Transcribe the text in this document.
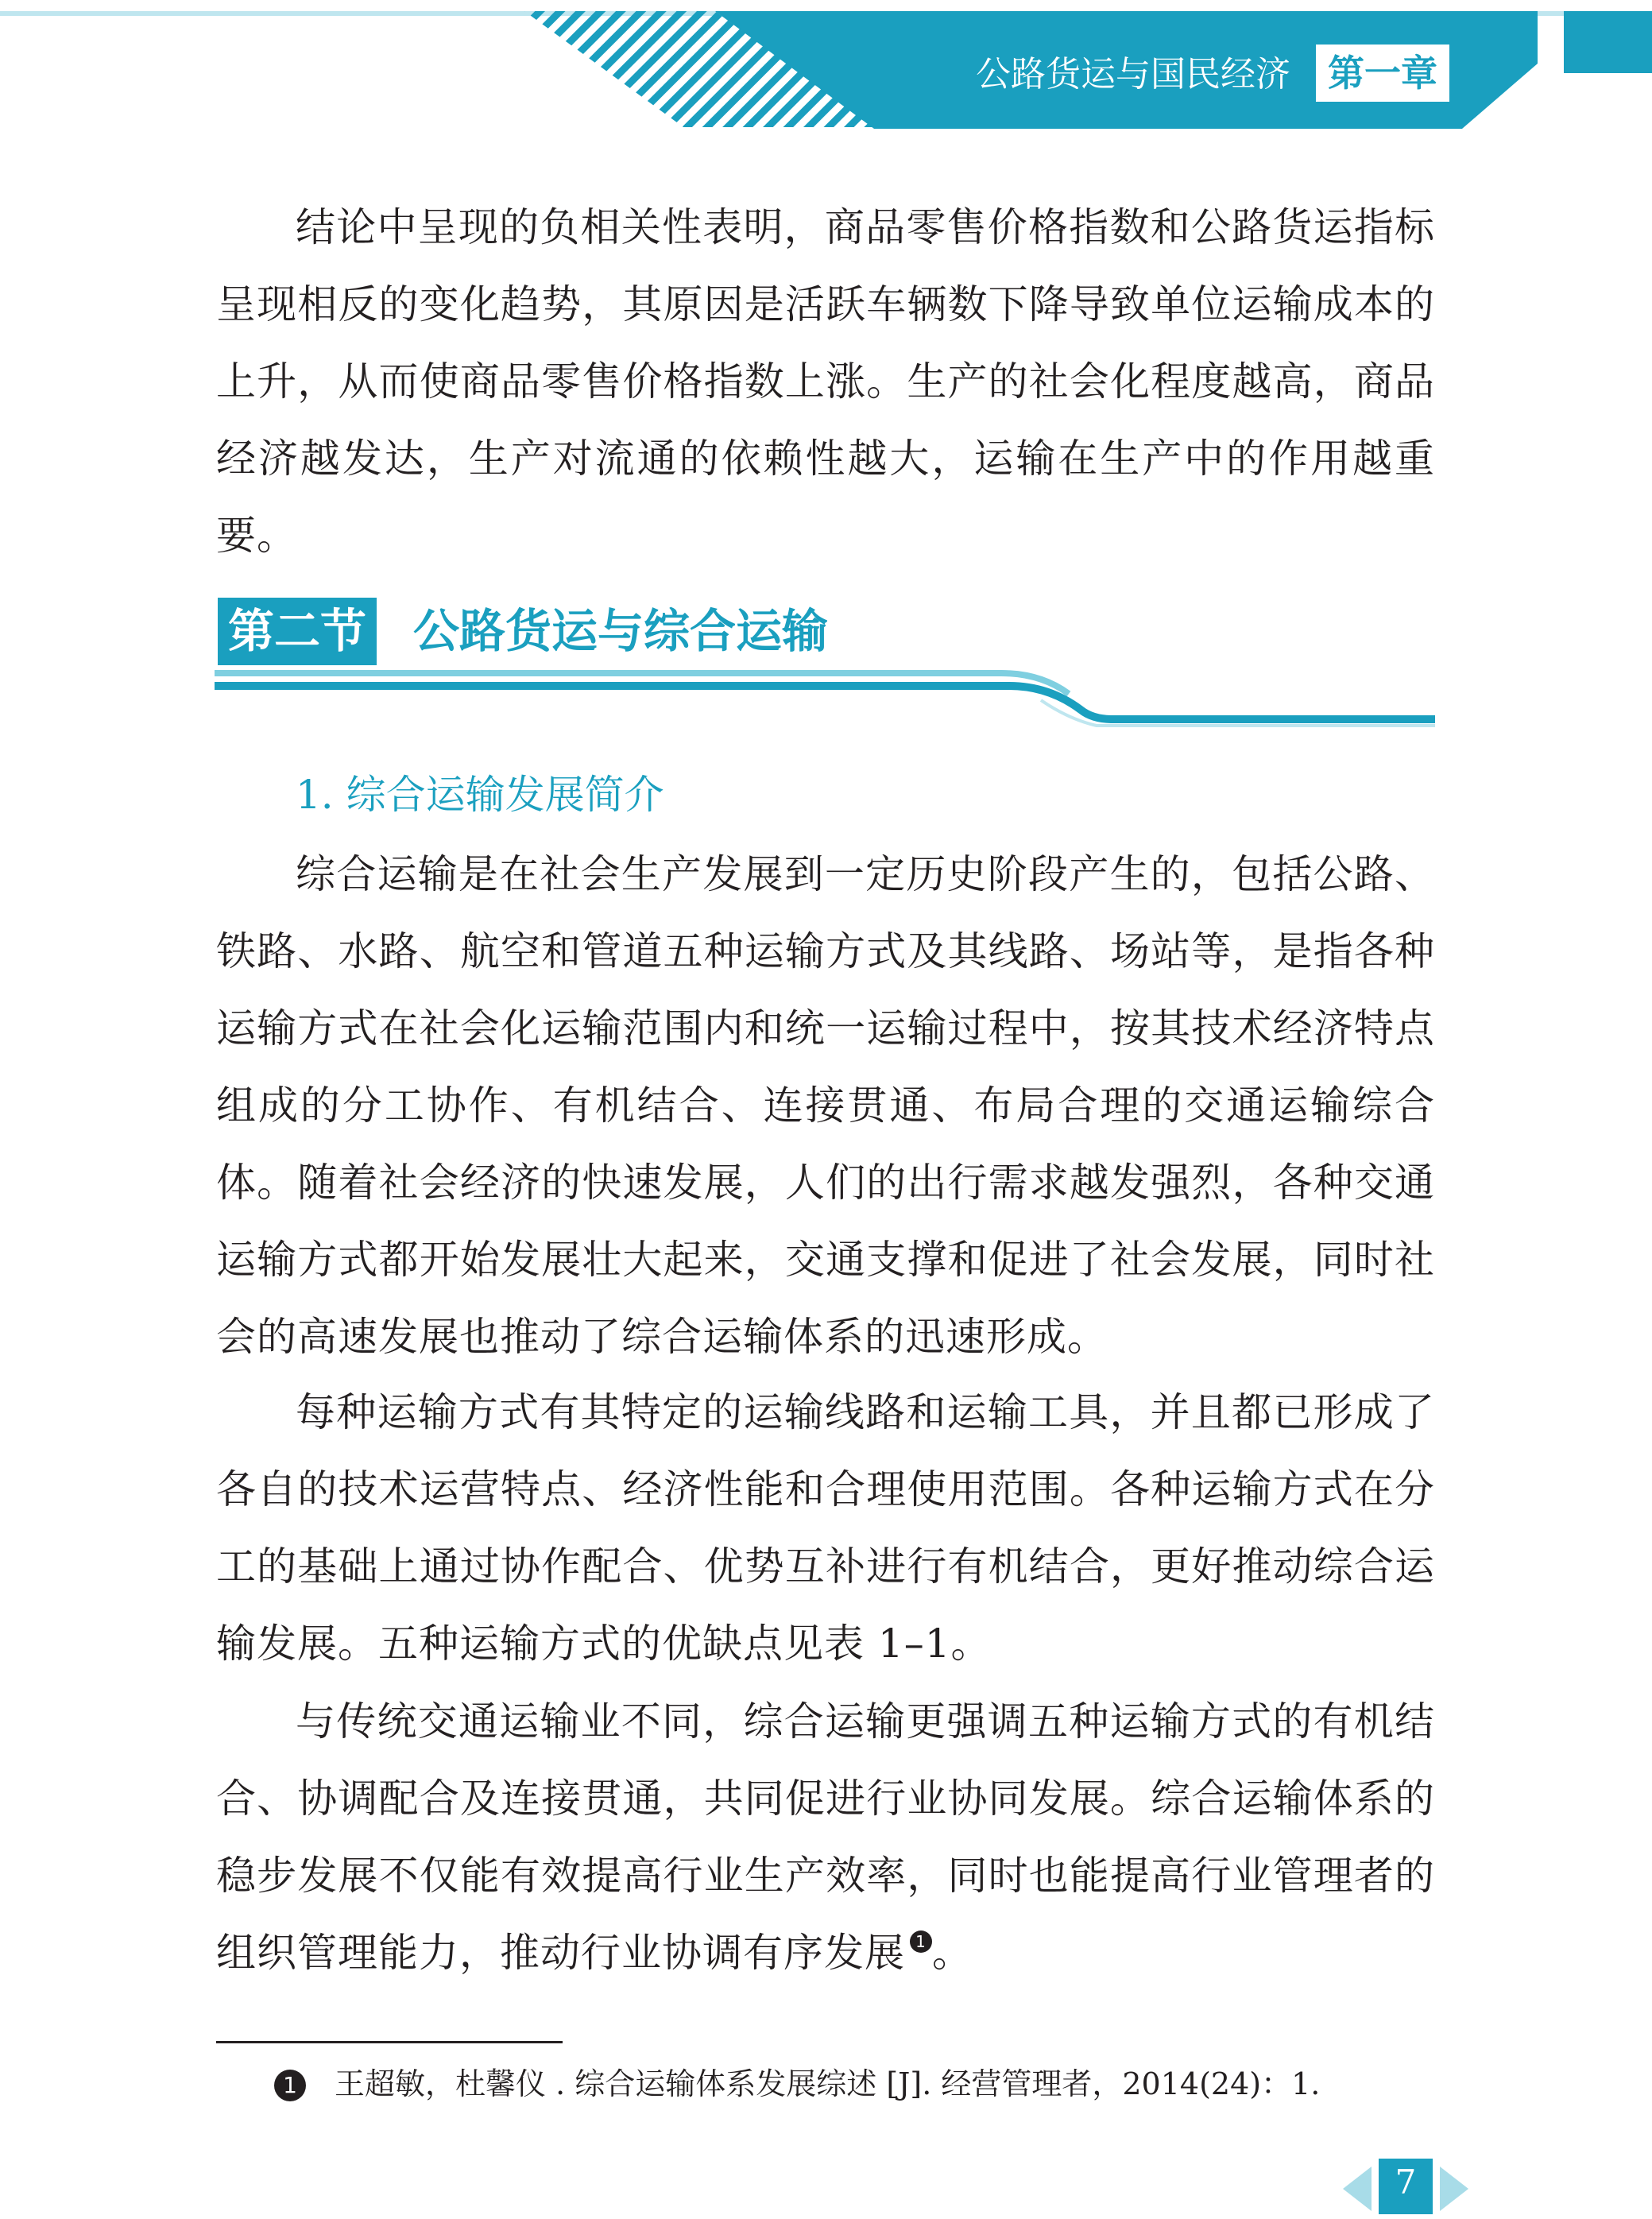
公路货运与国民经济	第一章

结论中呈现的负相关性表明，商品零售价格指数和公路货运指标呈现相反的变化趋势，其原因是活跃车辆数下降导致单位运输成本的上升，从而使商品零售价格指数上涨。生产的社会化程度越高，商品经济越发达，生产对流通的依赖性越大，运输在生产中的作用越重要。

第二节 公路货运与综合运输
1. 综合运输发展简介

综合运输是在社会生产发展到一定历史阶段产生的，包括公路、铁路、水路、航空和管道五种运输方式及其线路、场站等，是指各种运输方式在社会化运输范围内和统一运输过程中，按其技术经济特点组成的分工协作、有机结合、连接贯通、布局合理的交通运输综合体。随着社会经济的快速发展，人们的出行需求越发强烈，各种交通运输方式都开始发展壮大起来，交通支撑和促进了社会发展，同时社会的高速发展也推动了综合运输体系的迅速形成。

每种运输方式有其特定的运输线路和运输工具，并且都已形成了各自的技术运营特点、经济性能和合理使用范围。各种运输方式在分工的基础上通过协作配合、优势互补进行有机结合，更好推动综合运输发展。五种运输方式的优缺点见表 1–1。

与传统交通运输业不同，综合运输更强调五种运输方式的有机结合、协调配合及连接贯通，共同促进行业协同发展。综合运输体系的稳步发展不仅能有效提高行业生产效率，同时也能提高行业管理者的组织管理能力，推动行业协调有序发展 1 。

1 王超敏，杜馨仪 . 综合运输体系发展综述 [J]. 经营管理者，2014(24)：1.

7
